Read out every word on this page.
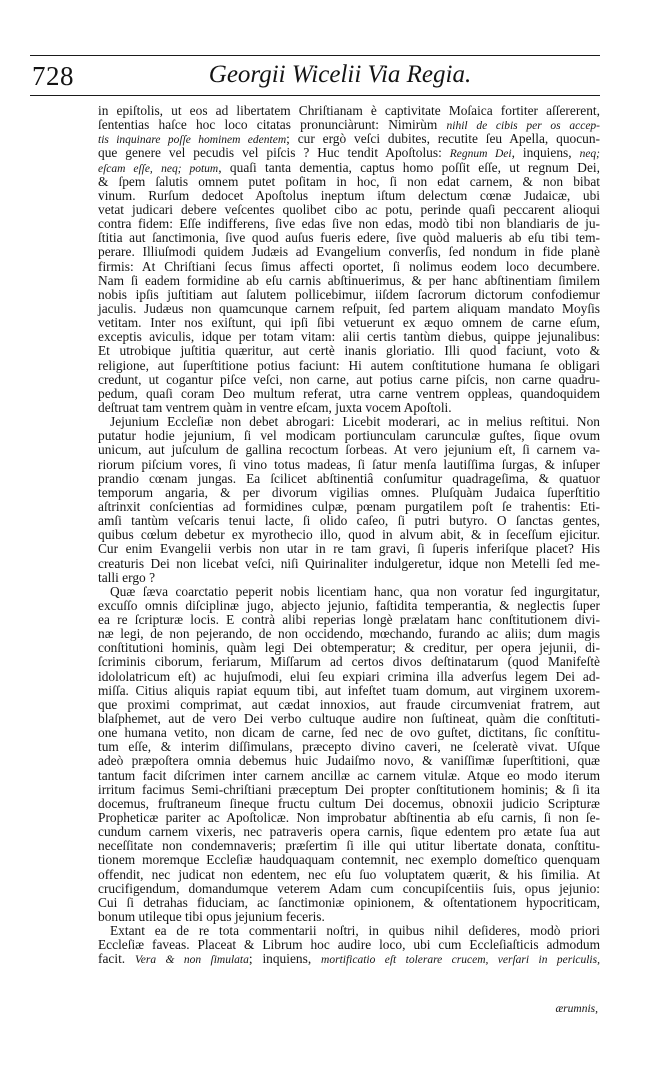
728	Georgii Wicelii Via Regia.
in epiſtolis, ut eos ad libertatem Chriſtianam è captivitate Moſaica fortiter aſſererent,
ſententias haſce hoc loco citatas pronunciàrunt: Nimirùm nihil de cibis per os accep-
tis inquinare poſſe hominem edentem; cur ergò veſci dubites, recutite ſeu Apella, quocun-
que genere vel pecudis vel piſcis ? Huc tendit Apoſtolus: Regnum Dei, inquiens, neq;
eſcam eſſe, neq; potum, quaſi tanta dementia, captus homo poſſit eſſe, ut regnum Dei,
& ſpem ſalutis omnem putet poſitam in hoc, ſi non edat carnem, & non bibat
vinum. Rurſum dedocet Apoſtolus ineptum iſtum delectum cœnæ Judaicæ, ubi
vetat judicari debere veſcentes quolibet cibo ac potu, perinde quaſi peccarent alioqui
contra fidem: Eſſe indifferens, ſive edas ſive non edas, modò tibi non blandiaris de ju-
ſtitia aut ſanctimonia, ſive quod auſus fueris edere, ſive quòd malueris ab eſu tibi tem-
perare. Illiuſmodi quidem Judæis ad Evangelium converſis, ſed nondum in fide planè
firmis: At Chriſtiani ſecus ſimus affecti oportet, ſi nolimus eodem loco decumbere.
Nam ſi eadem formidine ab eſu carnis abſtinuerimus, & per hanc abſtinentiam ſimilem
nobis ipſis juſtitiam aut ſalutem pollicebimur, iiſdem ſacrorum dictorum confodiemur
jaculis. Judæus non quamcunque carnem reſpuit, ſed partem aliquam mandato Moyſis
vetitam. Inter nos exiſtunt, qui ipſi ſibi vetuerunt ex æquo omnem de carne eſum,
exceptis aviculis, idque per totam vitam: alii certis tantùm diebus, quippe jejunalibus:
Et utrobique juſtitia quæritur, aut certè inanis gloriatio. Illi quod faciunt, voto &
religione, aut ſuperſtitione potius faciunt: Hi autem conſtitutione humana ſe obligari
credunt, ut cogantur piſce veſci, non carne, aut potius carne piſcis, non carne quadru-
pedum, quaſi coram Deo multum referat, utra carne ventrem oppleas, quandoquidem
deſtruat tam ventrem quàm in ventre eſcam, juxta vocem Apoſtoli.
Jejunium Eccleſiæ non debet abrogari: Licebit moderari, ac in melius reſtitui. Non
putatur hodie jejunium, ſi vel modicam portiunculam carunculæ guſtes, ſique ovum
unicum, aut juſculum de gallina recoctum ſorbeas. At vero jejunium eſt, ſi carnem va-
riorum piſcium vores, ſi vino totus madeas, ſi ſatur menſa lautiſſima ſurgas, & inſuper
prandio cœnam jungas. Ea ſcilicet abſtinentiâ conſumitur quadrageſima, & quatuor
temporum angaria, & per divorum vigilias omnes. Pluſquàm Judaica ſuperſtitio
aſtrinxit conſcientias ad formidines culpæ, pœnam purgatilem poſt ſe trahentis: Eti-
amſi tantùm veſcaris tenui lacte, ſi olido caſeo, ſi putri butyro. O ſanctas gentes,
quibus cœlum debetur ex myrothecio illo, quod in alvum abit, & in ſeceſſum ejicitur.
Cur enim Evangelii verbis non utar in re tam gravi, ſi ſuperis inferiſque placet? His
creaturis Dei non licebat veſci, niſi Quirinaliter indulgeretur, idque non Metelli ſed me-
talli ergo ?
Quæ ſæva coarctatio peperit nobis licentiam hanc, qua non voratur ſed ingurgitatur,
excuſſo omnis diſciplinæ jugo, abjecto jejunio, faſtidita temperantia, & neglectis ſuper
ea re ſcripturæ locis. E contrà alibi reperias longè prælatam hanc conſtitutionem divi-
næ legi, de non pejerando, de non occidendo, mœchando, furando ac aliis; dum magis
conſtitutioni hominis, quàm legi Dei obtemperatur; & creditur, per opera jejunii, di-
ſcriminis ciborum, feriarum, Miſſarum ad certos divos deſtinatarum (quod Manifeſtè
idololatricum eſt) ac hujuſmodi, elui ſeu expiari crimina illa adverſus legem Dei ad-
miſſa. Citius aliquis rapiat equum tibi, aut infeſtet tuam domum, aut virginem uxorem-
que proximi comprimat, aut cædat innoxios, aut fraude circumveniat fratrem, aut
blaſphemet, aut de vero Dei verbo cultuque audire non ſuſtineat, quàm die conſtituti-
one humana vetito, non dicam de carne, ſed nec de ovo guſtet, dictitans, ſic conſtitu-
tum eſſe, & interim diſſimulans, præcepto divino caveri, ne ſceleratè vivat. Uſque
adeò præpoſtera omnia debemus huic Judaiſmo novo, & vaniſſimæ ſuperſtitioni, quæ
tantum facit diſcrimen inter carnem ancillæ ac carnem vitulæ. Atque eo modo iterum
irritum facimus Semi-chriſtiani præceptum Dei propter conſtitutionem hominis; & ſi ita
docemus, fruſtraneum ſineque fructu cultum Dei docemus, obnoxii judicio Scripturæ
Propheticæ pariter ac Apoſtolicæ. Non improbatur abſtinentia ab eſu carnis, ſi non ſe-
cundum carnem vixeris, nec patraveris opera carnis, ſique edentem pro ætate ſua aut
neceſſitate non condemnaveris; præſertim ſi ille qui utitur libertate donata, conſtitu-
tionem moremque Eccleſiæ haudquaquam contemnit, nec exemplo domeſtico quenquam
offendit, nec judicat non edentem, nec eſu ſuo voluptatem quærit, & his ſimilia. At
crucifigendum, domandumque veterem Adam cum concupiſcentiis ſuis, opus jejunio:
Cui ſi detrahas fiduciam, ac ſanctimoniæ opinionem, & oſtentationem hypocriticam,
bonum utileque tibi opus jejunium feceris.
Extant ea de re tota commentarii noſtri, in quibus nihil deſideres, modò priori
Eccleſiæ faveas. Placeat & Librum hoc audire loco, ubi cum Eccleſiaſticis admodum
facit. Vera & non ſimulata; inquiens, mortificatio eſt tolerare crucem, verſari in periculis,
ærumnis,
